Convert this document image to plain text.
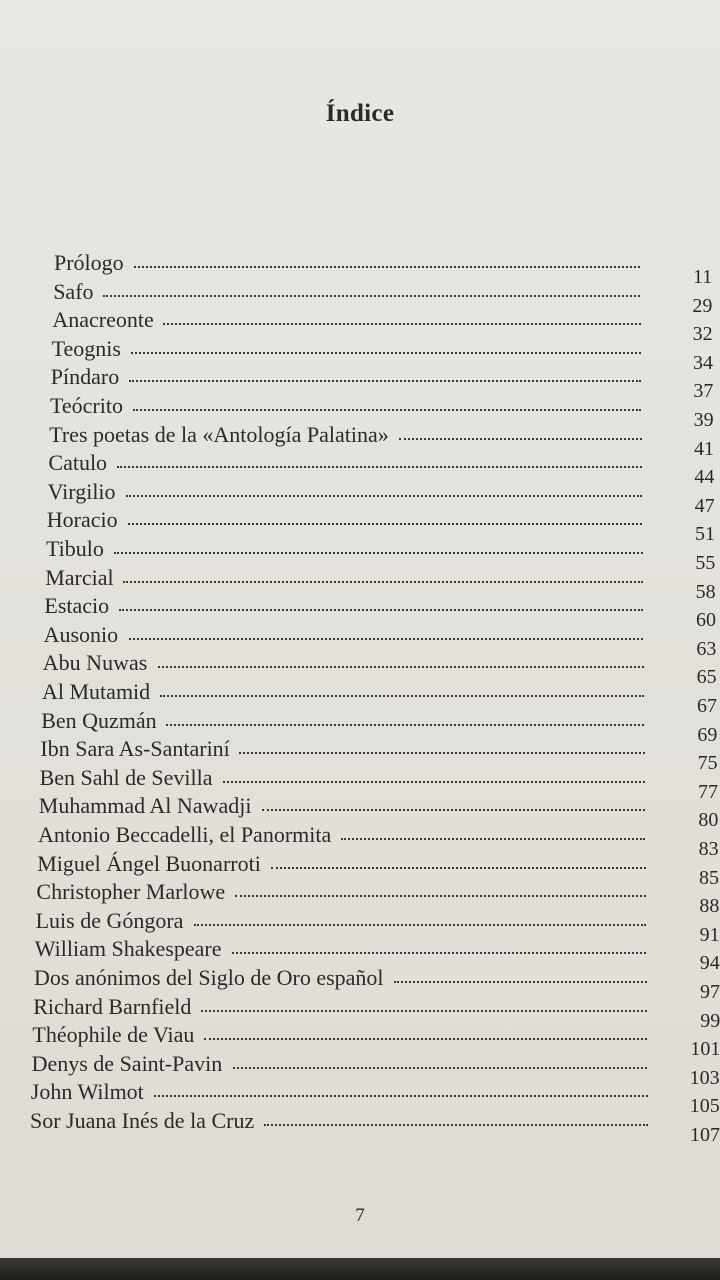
Índice
Prólogo
11
Safo
29
Anacreonte
32
Teognis
34
Píndaro
37
Teócrito
39
Tres poetas de la «Antología Palatina»
41
Catulo
44
Virgilio
47
Horacio
51
Tibulo
55
Marcial
58
Estacio
60
Ausonio
63
Abu Nuwas
65
Al Mutamid
67
Ben Quzmán
69
Ibn Sara As-Santariní
75
Ben Sahl de Sevilla
77
Muhammad Al Nawadji
80
Antonio Beccadelli, el Panormita
83
Miguel Ángel Buonarroti
85
Christopher Marlowe
88
Luis de Góngora
91
William Shakespeare
94
Dos anónimos del Siglo de Oro español
97
Richard Barnfield
99
Théophile de Viau
101
Denys de Saint-Pavin
103
John Wilmot
105
Sor Juana Inés de la Cruz
107
7
